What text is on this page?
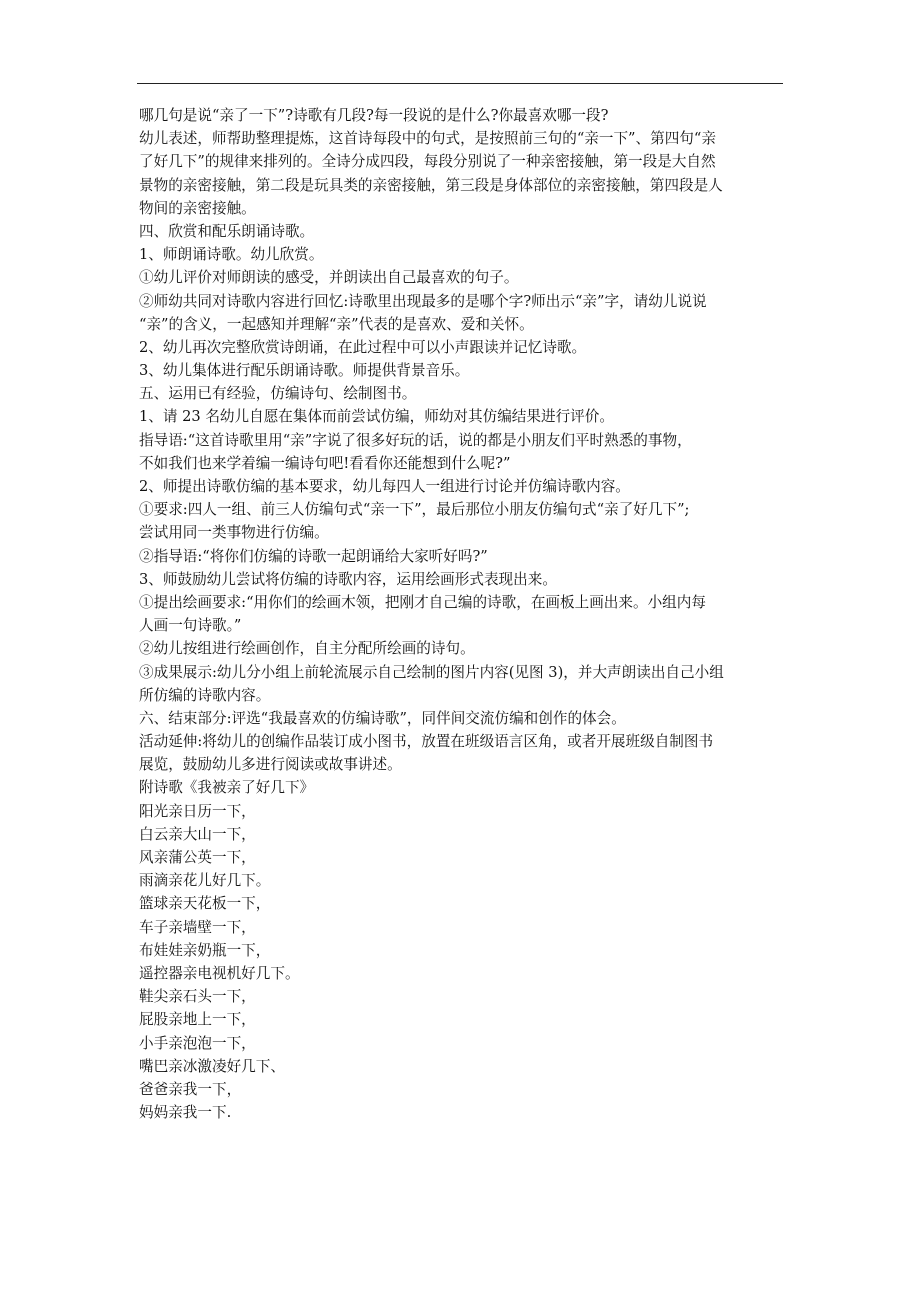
哪几句是说“亲了一下”?诗歌有几段?每一段说的是什么?你最喜欢哪一段?
幼儿表述，师帮助整理提炼，这首诗每段中的句式，是按照前三句的“亲一下”、第四句“亲
了好几下”的规律来排列的。全诗分成四段，每段分别说了一种亲密接触，第一段是大自然
景物的亲密接触，第二段是玩具类的亲密接触，第三段是身体部位的亲密接触，第四段是人
物间的亲密接触。
四、欣赏和配乐朗诵诗歌。
1、师朗诵诗歌。幼儿欣赏。
①幼儿评价对师朗读的感受，并朗读出自己最喜欢的句子。
②师幼共同对诗歌内容进行回忆:诗歌里出现最多的是哪个字?师出示“亲”字，请幼儿说说
“亲”的含义，一起感知并理解“亲”代表的是喜欢、爱和关怀。
2、幼儿再次完整欣赏诗朗诵，在此过程中可以小声跟读并记忆诗歌。
3、幼儿集体进行配乐朗诵诗歌。师提供背景音乐。
五、运用已有经验，仿编诗句、绘制图书。
1、请 23 名幼儿自愿在集体而前尝试仿编，师幼对其仿编结果进行评价。
指导语:“这首诗歌里用“亲”字说了很多好玩的话，说的都是小朋友们平时熟悉的事物，
不如我们也来学着编一编诗句吧!看看你还能想到什么呢?”
2、师提出诗歌仿编的基本要求，幼儿每四人一组进行讨论并仿编诗歌内容。
①要求:四人一组、前三人仿编句式“亲一下”，最后那位小朋友仿编句式“亲了好几下”;
尝试用同一类事物进行仿编。
②指导语:“将你们仿编的诗歌一起朗诵给大家听好吗?”
3、师鼓励幼儿尝试将仿编的诗歌内容，运用绘画形式表现出来。
①提出绘画要求:“用你们的绘画木领，把刚才自己编的诗歌，在画板上画出来。小组内每
人画一句诗歌。”
②幼儿按组进行绘画创作，自主分配所绘画的诗句。
③成果展示:幼儿分小组上前轮流展示自己绘制的图片内容(见图 3)，并大声朗读出自己小组
所仿编的诗歌内容。
六、结束部分:评选“我最喜欢的仿编诗歌”，同伴间交流仿编和创作的体会。
活动延伸:将幼儿的创编作品装订成小图书，放置在班级语言区角，或者开展班级自制图书
展览，鼓励幼儿多进行阅读或故事讲述。
附诗歌《我被亲了好几下》
阳光亲日历一下，
白云亲大山一下，
风亲蒲公英一下，
雨滴亲花儿好几下。
篮球亲天花板一下，
车子亲墙壁一下，
布娃娃亲奶瓶一下，
遥控器亲电视机好几下。
鞋尖亲石头一下，
屁股亲地上一下，
小手亲泡泡一下，
嘴巴亲冰激凌好几下、
爸爸亲我一下，
妈妈亲我一下.
